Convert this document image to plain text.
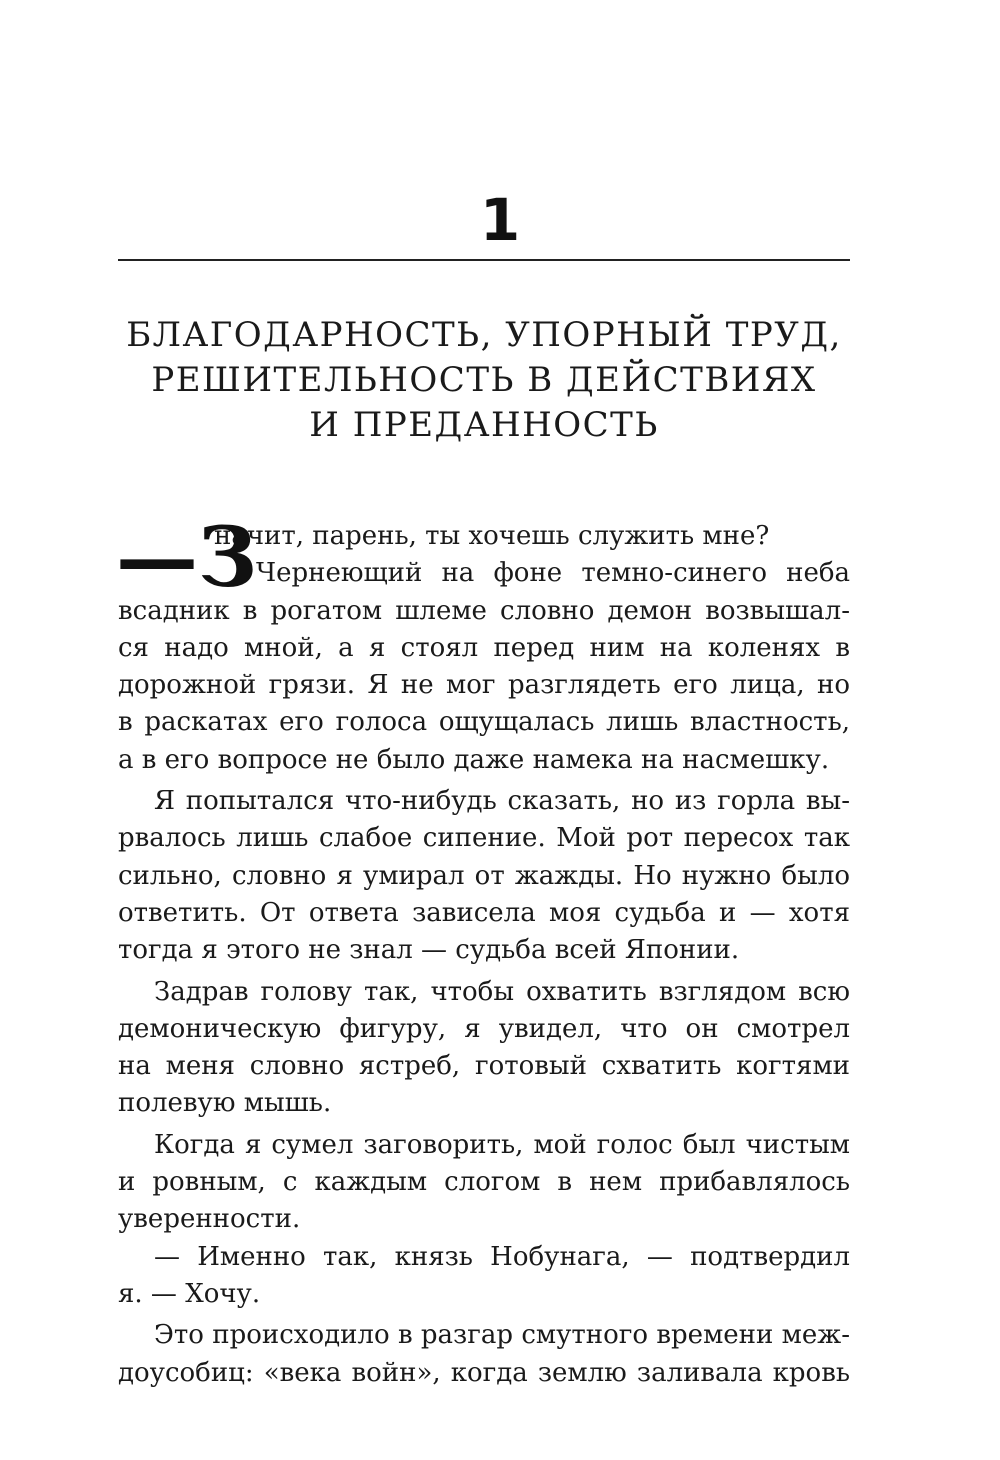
1
БЛАГОДАРНОСТЬ, УПОРНЫЙ ТРУД,
РЕШИТЕЛЬНОСТЬ В ДЕЙСТВИЯХ
И ПРЕДАННОСТЬ
—З
начит, парень, ты хочешь служить мне?
Чернеющий на фоне темно-синего неба
всадник в рогатом шлеме словно демон возвышал-
ся надо мной, а я стоял перед ним на коленях в
дорожной грязи. Я не мог разглядеть его лица, но
в раскатах его голоса ощущалась лишь властность,
а в его вопросе не было даже намека на насмешку.
Я попытался что-нибудь сказать, но из горла вы-
рвалось лишь слабое сипение. Мой рот пересох так
сильно, словно я умирал от жажды. Но нужно было
ответить. От ответа зависела моя судьба и — хотя
тогда я этого не знал — судьба всей Японии.
Задрав голову так, чтобы охватить взглядом всю
демоническую фигуру, я увидел, что он смотрел
на меня словно ястреб, готовый схватить когтями
полевую мышь.
Когда я сумел заговорить, мой голос был чистым
и ровным, с каждым слогом в нем прибавлялось
уверенности.
— Именно так, князь Нобунага, — подтвердил
я. — Хочу.
Это происходило в разгар смутного времени меж-
доусобиц: «века войн», когда землю заливала кровь
